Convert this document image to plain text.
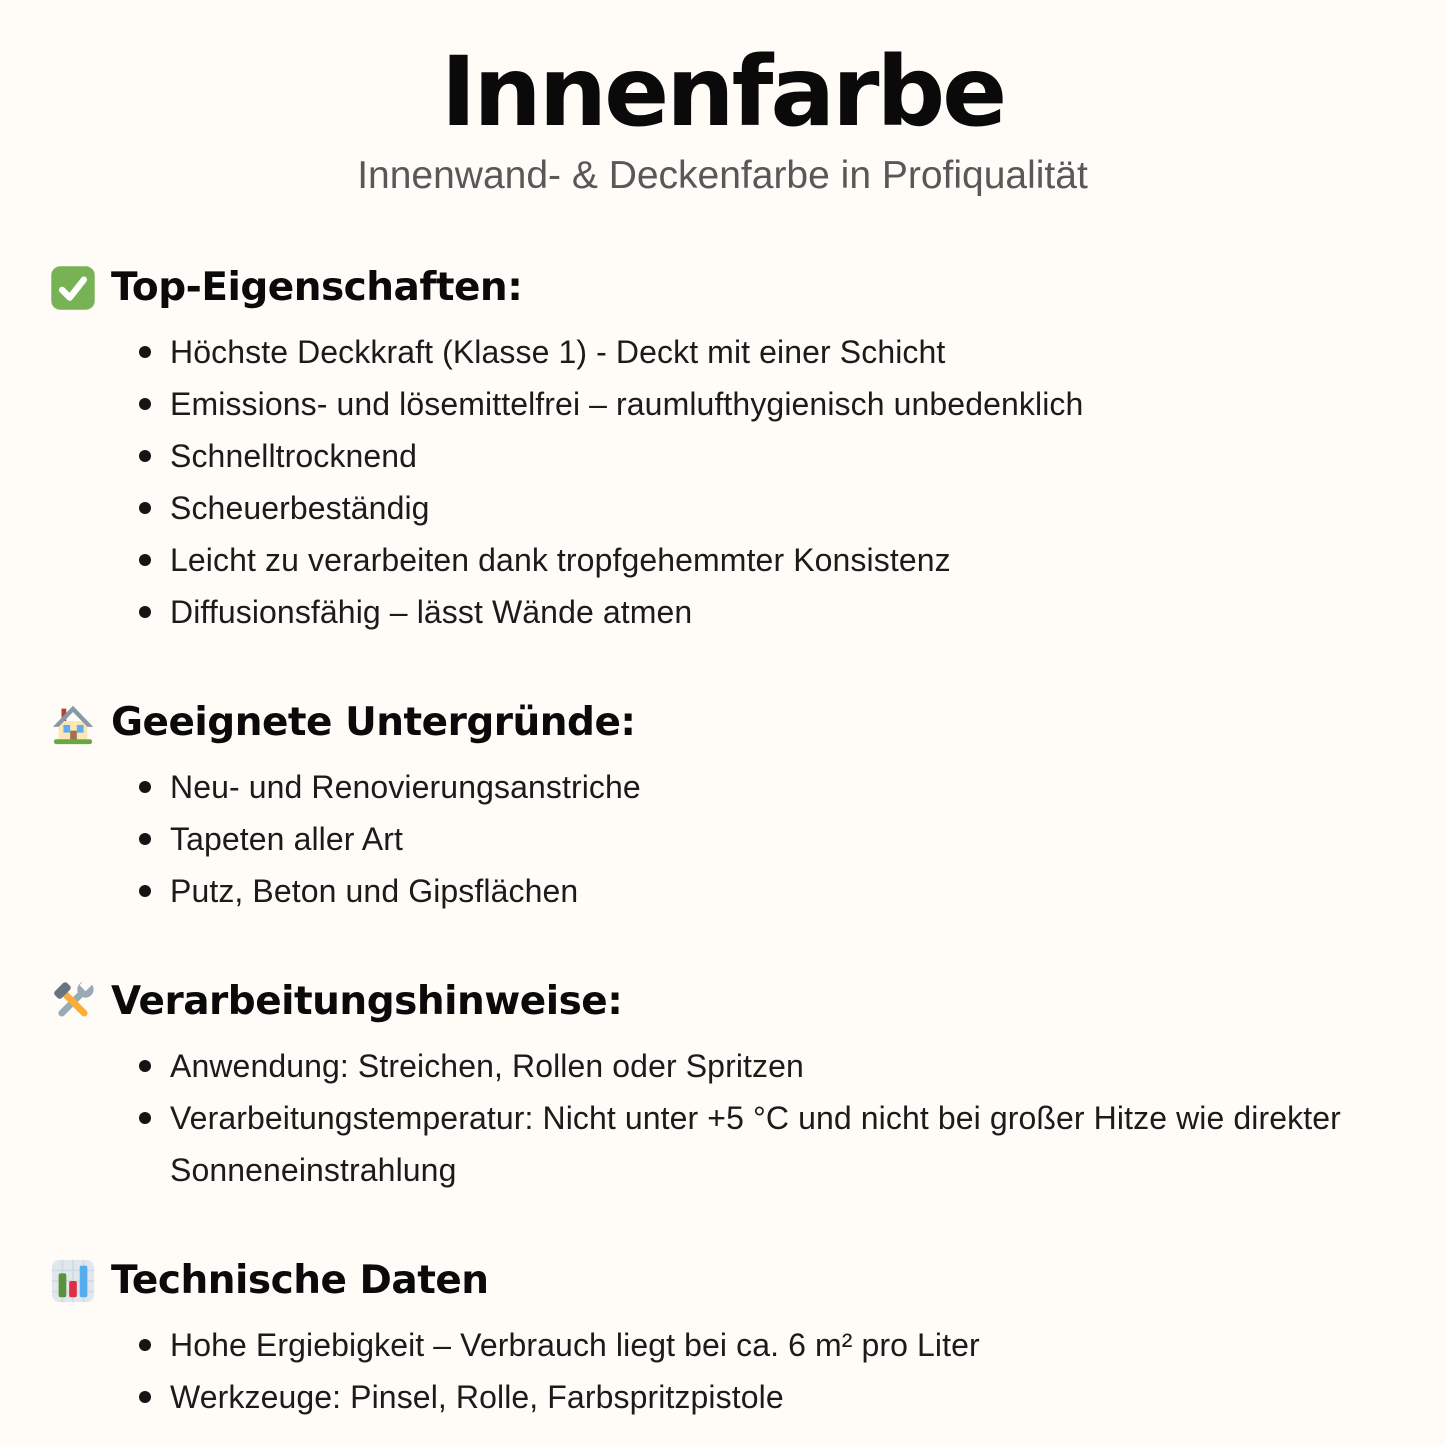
Innenfarbe

Innenwand- & Deckenfarbe in Profiqualität

Top-Eigenschaften:
Höchste Deckkraft (Klasse 1) - Deckt mit einer Schicht
Emissions- und lösemittelfrei – raumlufthygienisch unbedenklich
Schnelltrocknend
Scheuerbeständig
Leicht zu verarbeiten dank tropfgehemmter Konsistenz
Diffusionsfähig – lässt Wände atmen
Geeignete Untergründe:
Neu- und Renovierungsanstriche
Tapeten aller Art
Putz, Beton und Gipsflächen
Verarbeitungshinweise:
Anwendung: Streichen, Rollen oder Spritzen
Verarbeitungstemperatur: Nicht unter +5 °C und nicht bei großer Hitze wie direkter Sonneneinstrahlung
Technische Daten
Hohe Ergiebigkeit – Verbrauch liegt bei ca. 6 m² pro Liter
Werkzeuge: Pinsel, Rolle, Farbspritzpistole
